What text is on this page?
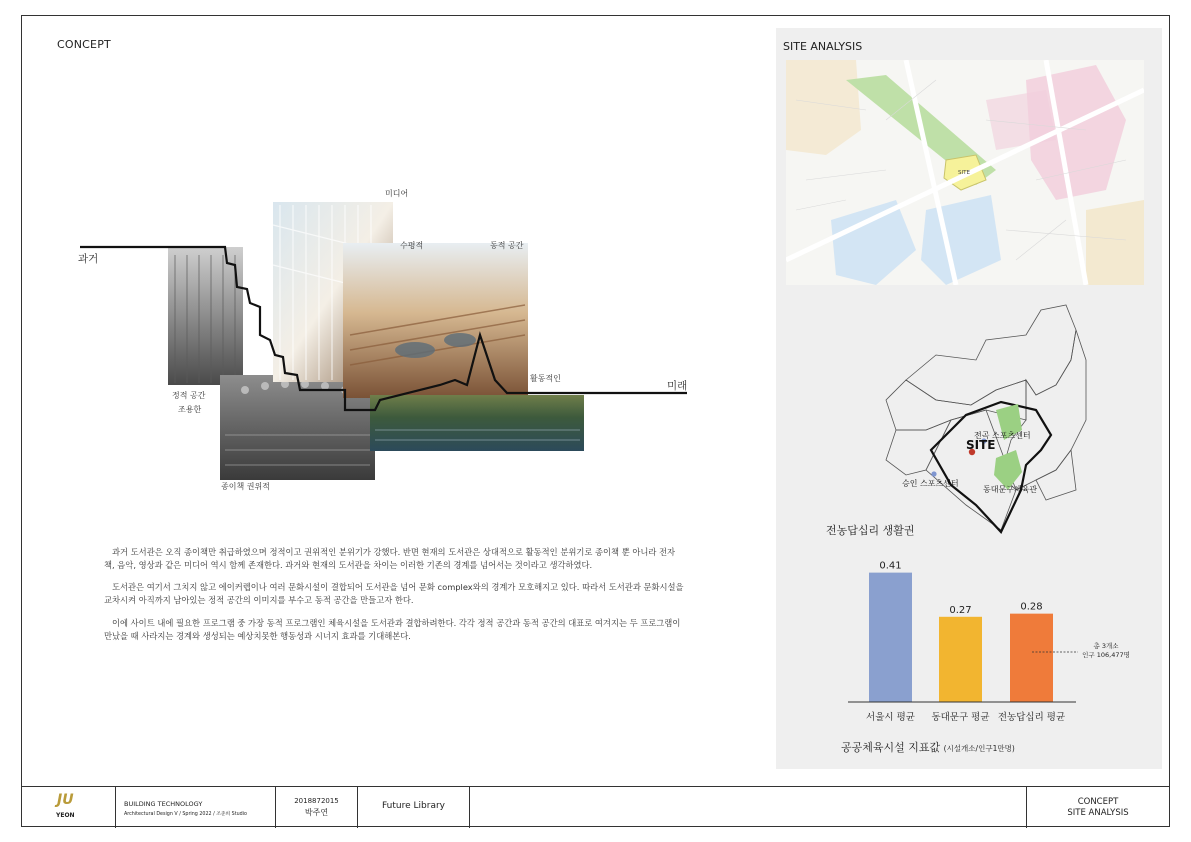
CONCEPT
과거
미래
미디어
수평적	동적 공간
활동적인
정적 공간
조용한
종이책 권위적

과거 도서관은 오직 종이책만 취급하였으며 정적이고 권위적인 분위기가 강했다. 반면 현재의 도서관은 상대적으로 활동적인 분위기로 종이책 뿐 아니라 전자책, 음악, 영상과 같은 미디어 역시 함께 존재한다. 과거와 현재의 도서관을 차이는 이러한 기존의 경계를 넘어서는 것이라고 생각하였다.

도서관은 여기서 그치지 않고 에이커렙이나 여러 문화시설이 결합되어 도서관을 넘어 문화 complex와의 경계가 모호해지고 있다. 따라서 도서관과 문화시설을 교차시켜 아직까지 남아있는 정적 공간의 이미지를 부수고 동적 공간을 만들고자 한다.

이에 사이트 내에 필요한 프로그램 중 가장 동적 프로그램인 체육시설을 도서관과 결합하려한다. 각각 정적 공간과 동적 공간의 대표로 여겨지는 두 프로그램이 만났을 때 사라지는 경계와 생성되는 예상치못한 행동성과 시너지 효과를 기대해본다.

SITE ANALYSIS
SITE
SITE
전곡 스포츠센터
승인 스포츠센터
동대문구체육관
전농답십리 생활권
0.41
서울시 평균
0.27
동대문구 평균
0.28
전농답십리 평균
총 3개소
인구 106,477명
공공체육시설 지표값 (시설개소/인구1만명)
BUILDING TECHNOLOGY
Architectural Design V / Spring 2022 / 조준희 Studio
2018872015
박주연
Future Library	CONCEPT
SITE ANALYSIS
JU
YEON
